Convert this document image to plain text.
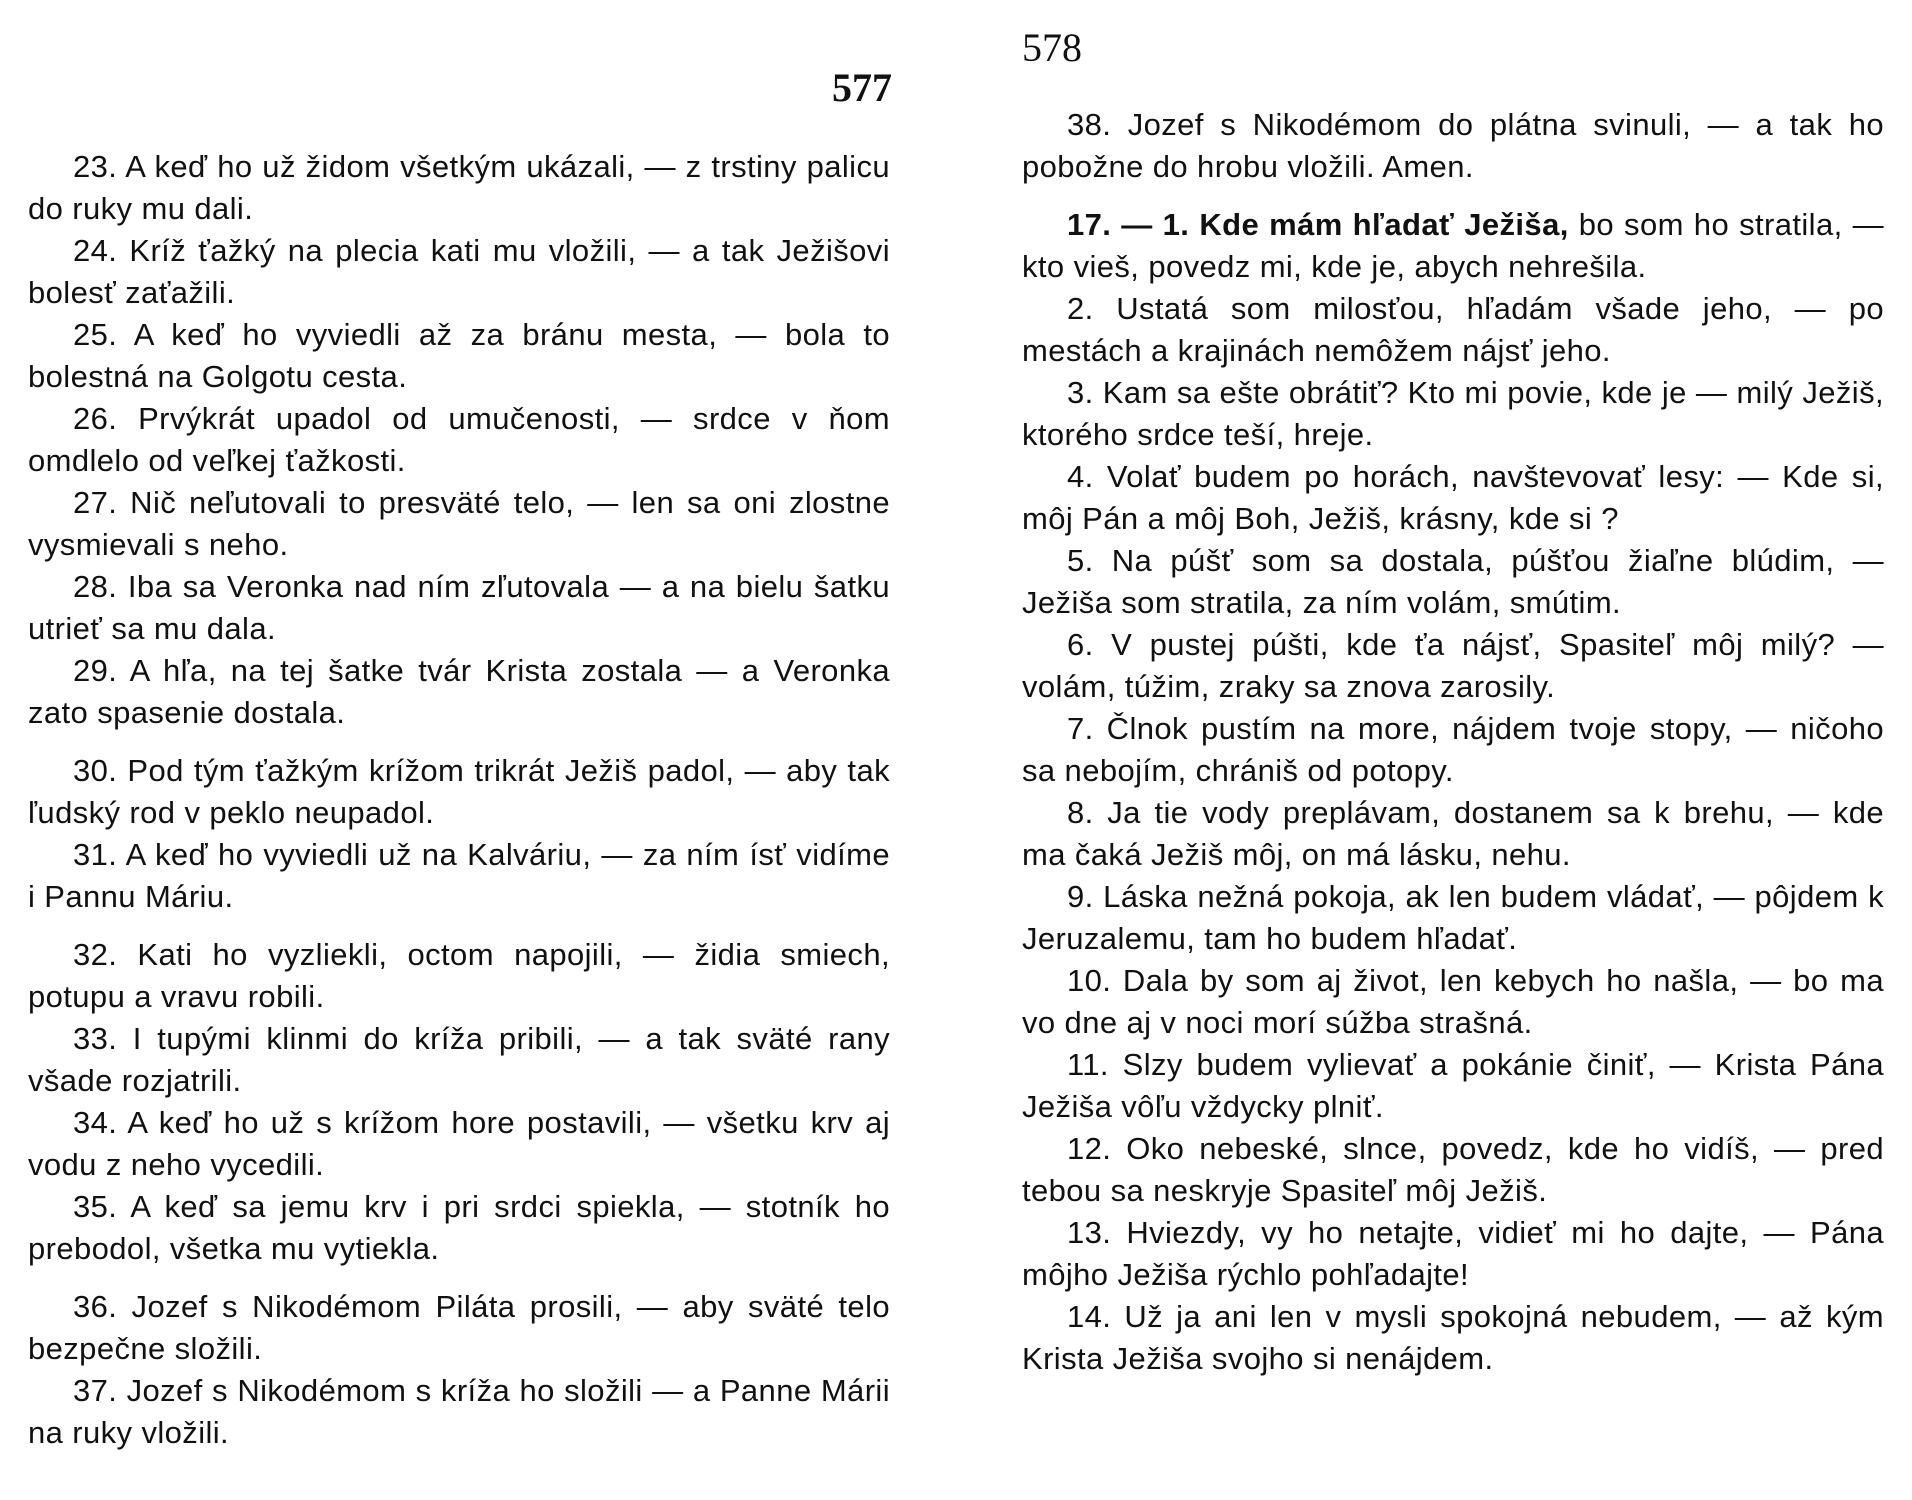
577

23. A keď ho už židom všetkým ukázali, — z trstiny palicu do ruky mu dali.

24. Kríž ťažký na plecia kati mu vložili, — a tak Ježišovi bolesť zaťažili.

25. A keď ho vyviedli až za bránu mesta, — bola to bolestná na Golgotu cesta.

26. Prvýkrát upadol od umučenosti, — srdce v ňom omdlelo od veľkej ťažkosti.

27. Nič neľutovali to presväté telo, — len sa oni zlostne vysmievali s neho.

28. Iba sa Veronka nad ním zľutovala — a na bielu šatku utrieť sa mu dala.

29. A hľa, na tej šatke tvár Krista zostala — a Veronka zato spasenie dostala.

30. Pod tým ťažkým krížom trikrát Ježiš padol, — aby tak ľudský rod v peklo neupadol.

31. A keď ho vyviedli už na Kalváriu, — za ním ísť vidíme i Pannu Máriu.

32. Kati ho vyzliekli, octom napojili, — židia smiech, potupu a vravu robili.

33. I tupými klinmi do kríža pribili, — a tak sväté rany všade rozjatrili.

34. A keď ho už s krížom hore postavili, — všetku krv aj vodu z neho vycedili.

35. A keď sa jemu krv i pri srdci spiekla, — stotník ho prebodol, všetka mu vytiekla.

36. Jozef s Nikodémom Piláta prosili, — aby sväté telo bezpečne složili.

37. Jozef s Nikodémom s kríža ho složili — a Panne Márii na ruky vložili.

578

38. Jozef s Nikodémom do plátna svinuli, — a tak ho pobožne do hrobu vložili. Amen.

17. — 1. Kde mám hľadať Ježiša, bo som ho stratila, — kto vieš, povedz mi, kde je, abych nehrešila.

2. Ustatá som milosťou, hľadám všade jeho, — po mestách a krajinách nemôžem nájsť jeho.

3. Kam sa ešte obrátiť? Kto mi povie, kde je — milý Ježiš, ktorého srdce teší, hreje.

4. Volať budem po horách, navštevovať lesy: — Kde si, môj Pán a môj Boh, Ježiš, krásny, kde si ?

5. Na púšť som sa dostala, púšťou žiaľne blúdim, — Ježiša som stratila, za ním volám, smútim.

6. V pustej púšti, kde ťa nájsť, Spasiteľ môj milý? — volám, túžim, zraky sa znova zarosily.

7. Člnok pustím na more, nájdem tvoje stopy, — ničoho sa nebojím, chrániš od potopy.

8. Ja tie vody preplávam, dostanem sa k brehu, — kde ma čaká Ježiš môj, on má lásku, nehu.

9. Láska nežná pokoja, ak len budem vládať, — pôjdem k Jeruzalemu, tam ho budem hľadať.

10. Dala by som aj život, len kebych ho našla, — bo ma vo dne aj v noci morí súžba strašná.

11. Slzy budem vylievať a pokánie činiť, — Krista Pána Ježiša vôľu vždycky plniť.

12. Oko nebeské, slnce, povedz, kde ho vidíš, — pred tebou sa neskryje Spasiteľ môj Ježiš.

13. Hviezdy, vy ho netajte, vidieť mi ho dajte, — Pána môjho Ježiša rýchlo pohľadajte!

14. Už ja ani len v mysli spokojná nebudem, — až kým Krista Ježiša svojho si nenájdem.
